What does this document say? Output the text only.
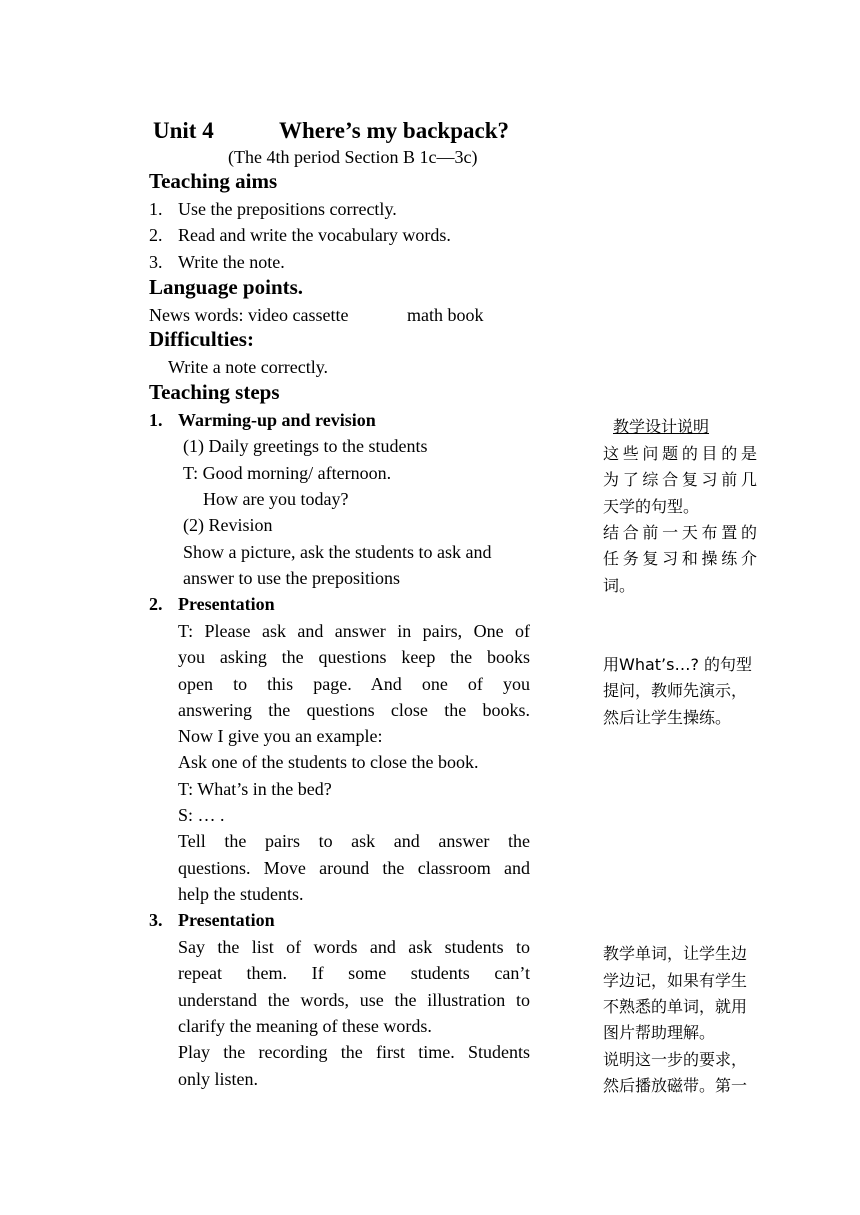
Unit 4	Where’s my backpack?
(The 4th period Section B 1c—3c)
Teaching aims
1. Use the prepositions correctly.
2. Read and write the vocabulary words.
3. Write the note.
Language points.
News words: video cassette	math book
Difficulties:
Write a note correctly.
Teaching steps
1. Warming-up and revision
(1) Daily greetings to the students
T: Good morning/ afternoon.
How are you today?
(2) Revision
Show a picture, ask the students to ask and
answer to use the prepositions
2. Presentation
T: Please ask and answer in pairs, One of
you asking the questions keep the books
open to this page. And one of you
answering the questions close the books.
Now I give you an example:
Ask one of the students to close the book.
T: What’s in the bed?
S: … .
Tell the pairs to ask and answer the
questions. Move around the classroom and
help the students.
3. Presentation
Say the list of words and ask students to
repeat them. If some students can’t
understand the words, use the illustration to
clarify the meaning of these words.
Play the recording the first time. Students
only listen.
教学设计说明
这些问题的目的是
为了综合复习前几
天学的句型。
结合前一天布置的
任务复习和操练介
词。
用What’s…? 的句型
提问，教师先演示，
然后让学生操练。
教学单词，让学生边
学边记，如果有学生
不熟悉的单词，就用
图片帮助理解。
说明这一步的要求，
然后播放磁带。第一
